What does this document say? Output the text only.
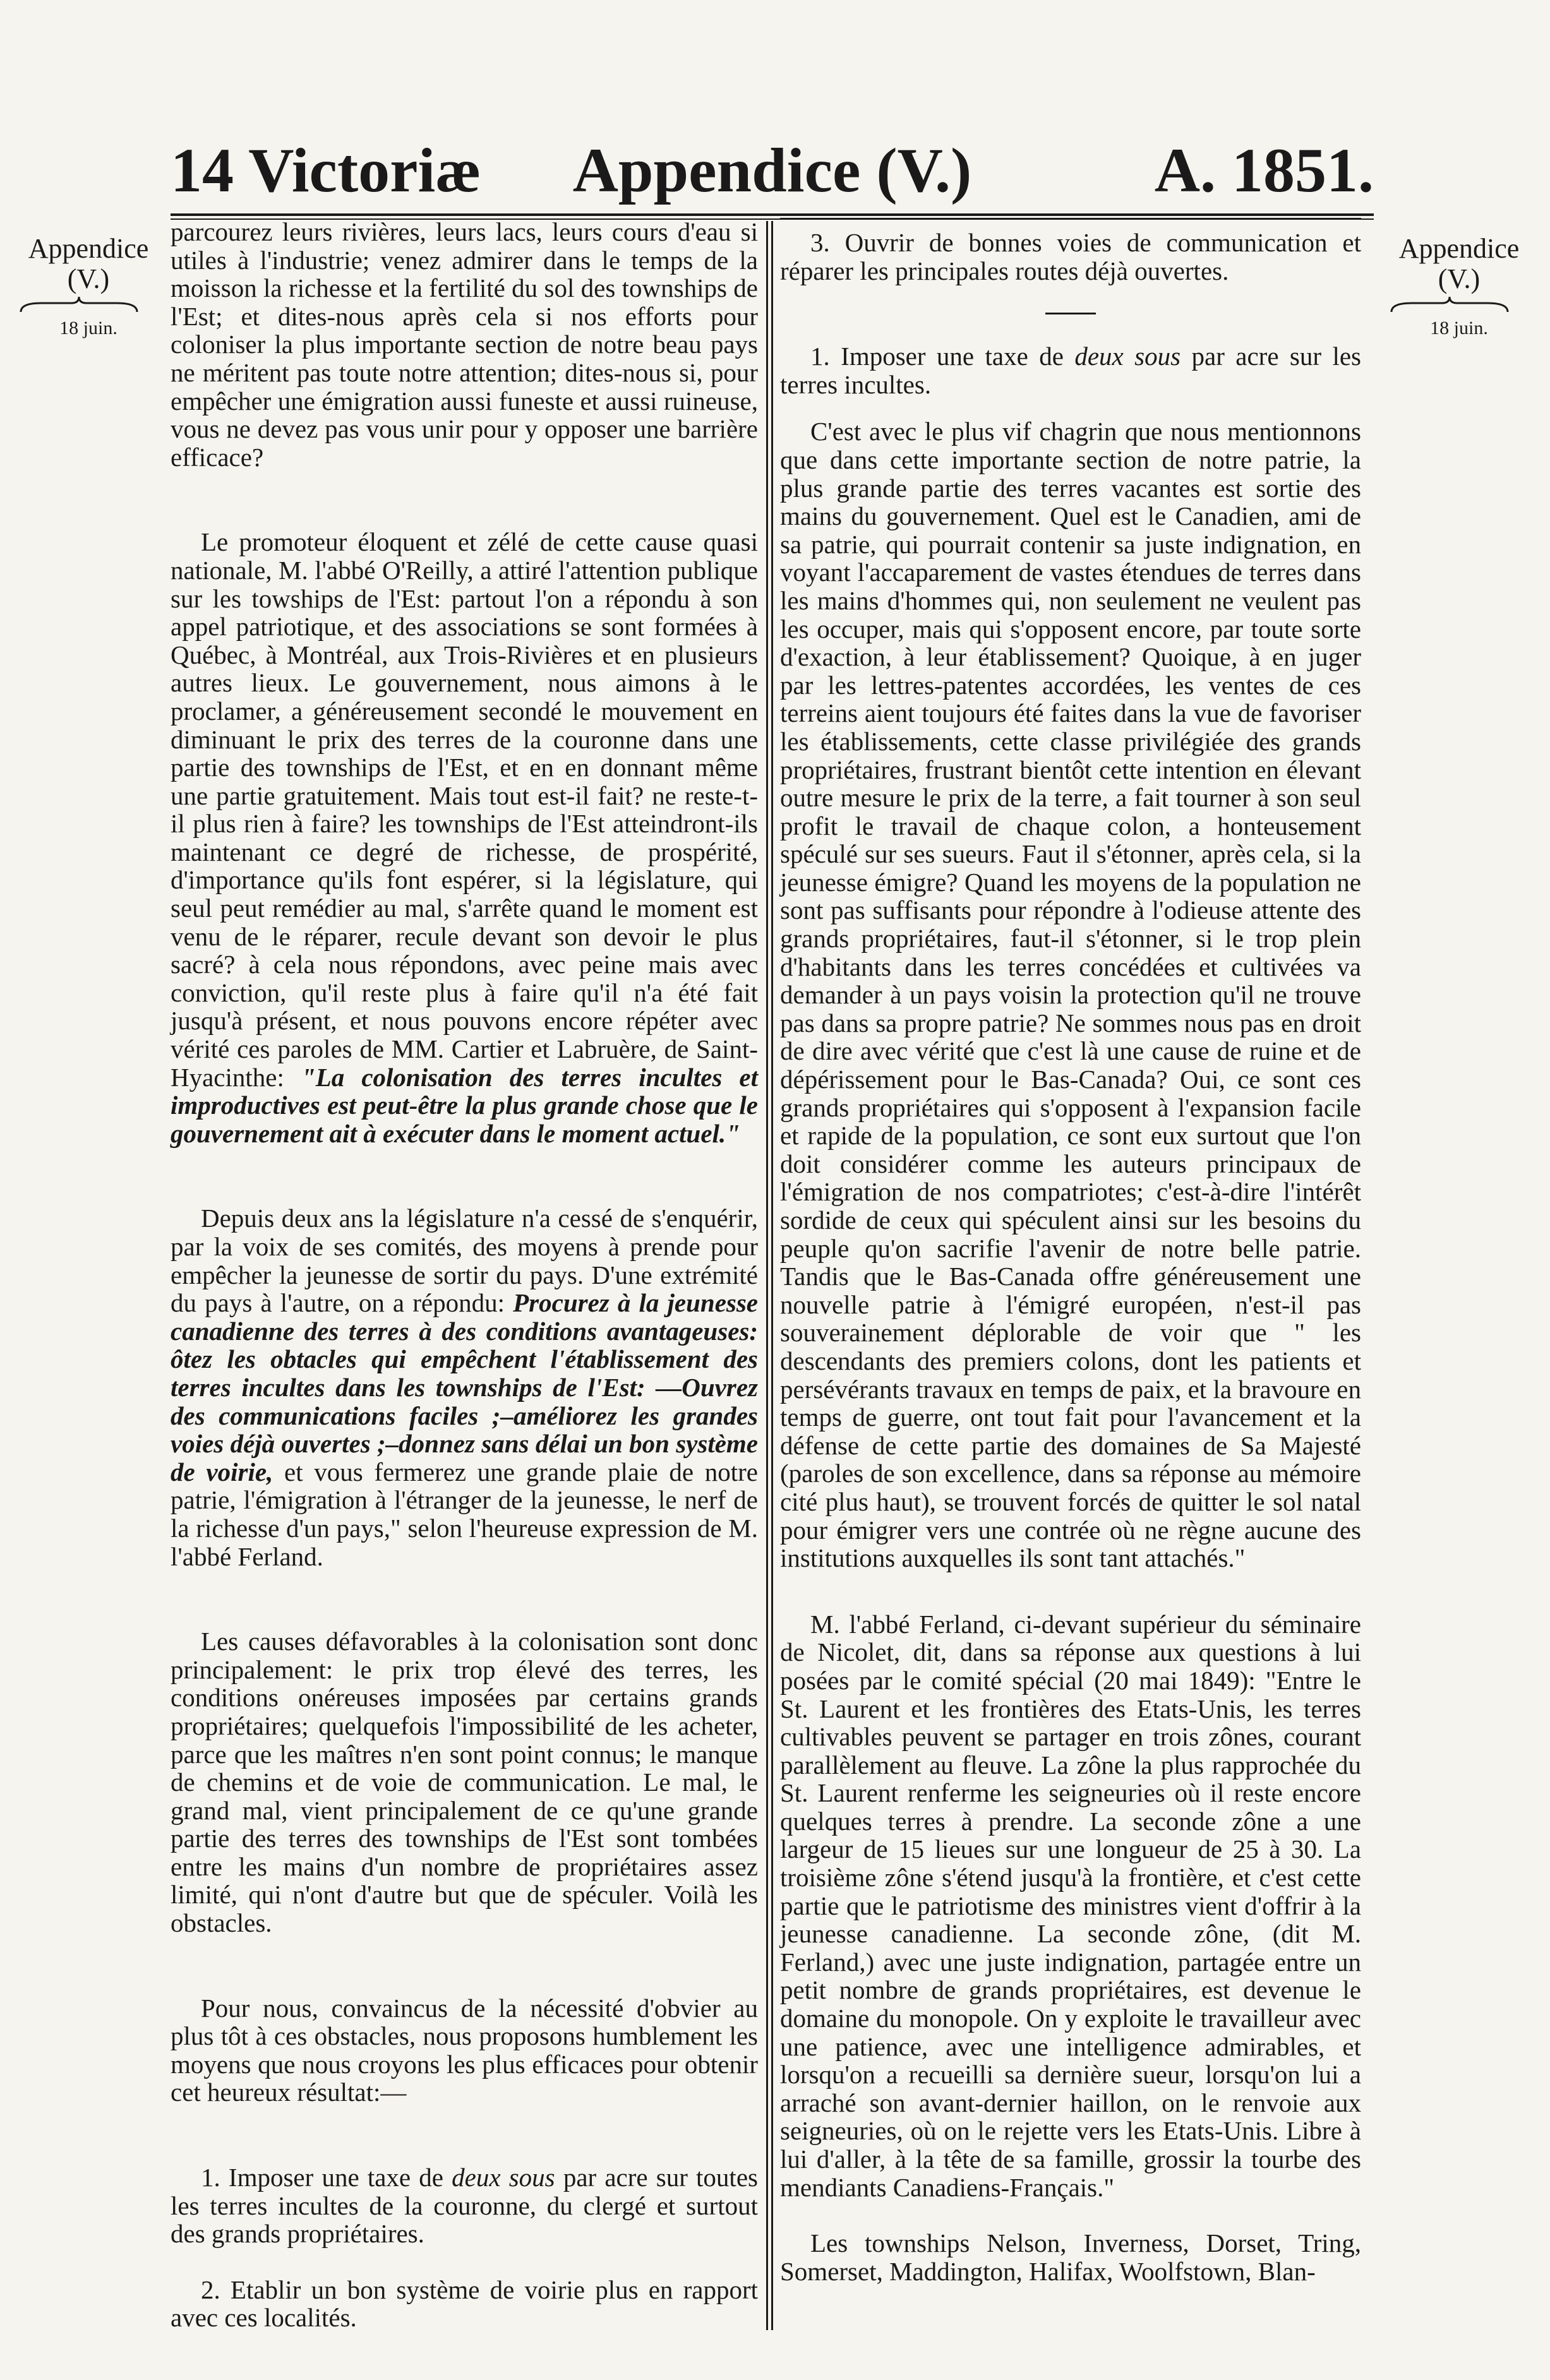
14 Victoriæ	Appendice (V.)	A. 1851.
Appendice
(V.)
18 juin.
Appendice
(V.)
18 juin.

parcourez leurs rivières, leurs lacs, leurs cours d'eau si utiles à l'industrie; venez admirer dans le temps de la moisson la richesse et la fertilité du sol des townships de l'Est; et dites-nous après cela si nos efforts pour coloniser la plus importante section de notre beau pays ne méritent pas toute notre attention; dites-nous si, pour empêcher une émigration aussi funeste et aussi ruineuse, vous ne devez pas vous unir pour y opposer une barrière efficace?

Le promoteur éloquent et zélé de cette cause quasi nationale, M. l'abbé O'Reilly, a attiré l'attention publique sur les towships de l'Est: partout l'on a répondu à son appel patriotique, et des associations se sont formées à Québec, à Montréal, aux Trois-Rivières et en plusieurs autres lieux. Le gouvernement, nous aimons à le proclamer, a généreusement secondé le mouvement en diminuant le prix des terres de la couronne dans une partie des townships de l'Est, et en en donnant même une partie gratuitement. Mais tout est-il fait? ne reste-t-il plus rien à faire? les townships de l'Est atteindront-ils maintenant ce degré de richesse, de prospérité, d'importance qu'ils font espérer, si la législature, qui seul peut remédier au mal, s'arrête quand le moment est venu de le réparer, recule devant son devoir le plus sacré? à cela nous répondons, avec peine mais avec conviction, qu'il reste plus à faire qu'il n'a été fait jusqu'à présent, et nous pouvons encore répéter avec vérité ces paroles de MM. Cartier et Labruère, de Saint-Hyacinthe: "La colonisation des terres incultes et improductives est peut-être la plus grande chose que le gouvernement ait à exécuter dans le moment actuel."

Depuis deux ans la législature n'a cessé de s'enquérir, par la voix de ses comités, des moyens à prende pour empêcher la jeunesse de sortir du pays. D'une extrémité du pays à l'autre, on a répondu: Procurez à la jeunesse canadienne des terres à des conditions avantageuses: ôtez les obtacles qui empêchent l'établissement des terres incultes dans les townships de l'Est: —Ouvrez des communications faciles ;–améliorez les grandes voies déjà ouvertes ;–donnez sans délai un bon système de voirie, et vous fermerez une grande plaie de notre patrie, l'émigration à l'étranger de la jeunesse, le nerf de la richesse d'un pays," selon l'heureuse expression de M. l'abbé Ferland.

Les causes défavorables à la colonisation sont donc principalement: le prix trop élevé des terres, les conditions onéreuses imposées par certains grands propriétaires; quelquefois l'impossibilité de les acheter, parce que les maîtres n'en sont point connus; le manque de chemins et de voie de communication. Le mal, le grand mal, vient principalement de ce qu'une grande partie des terres des townships de l'Est sont tombées entre les mains d'un nombre de propriétaires assez limité, qui n'ont d'autre but que de spéculer. Voilà les obstacles.

Pour nous, convaincus de la nécessité d'obvier au plus tôt à ces obstacles, nous proposons humblement les moyens que nous croyons les plus efficaces pour obtenir cet heureux résultat:—

1. Imposer une taxe de deux sous par acre sur toutes les terres incultes de la couronne, du clergé et surtout des grands propriétaires.

2. Etablir un bon système de voirie plus en rapport avec ces localités.

3. Ouvrir de bonnes voies de communication et réparer les principales routes déjà ouvertes.

1. Imposer une taxe de deux sous par acre sur les terres incultes.

C'est avec le plus vif chagrin que nous mentionnons que dans cette importante section de notre patrie, la plus grande partie des terres vacantes est sortie des mains du gouvernement. Quel est le Canadien, ami de sa patrie, qui pourrait contenir sa juste indignation, en voyant l'accaparement de vastes étendues de terres dans les mains d'hommes qui, non seulement ne veulent pas les occuper, mais qui s'opposent encore, par toute sorte d'exaction, à leur établissement? Quoique, à en juger par les lettres-patentes accordées, les ventes de ces terreins aient toujours été faites dans la vue de favoriser les établissements, cette classe privilégiée des grands propriétaires, frustrant bientôt cette intention en élevant outre mesure le prix de la terre, a fait tourner à son seul profit le travail de chaque colon, a honteusement spéculé sur ses sueurs. Faut il s'étonner, après cela, si la jeunesse émigre? Quand les moyens de la population ne sont pas suffisants pour répondre à l'odieuse attente des grands propriétaires, faut-il s'étonner, si le trop plein d'habitants dans les terres concédées et cultivées va demander à un pays voisin la protection qu'il ne trouve pas dans sa propre patrie? Ne sommes nous pas en droit de dire avec vérité que c'est là une cause de ruine et de dépérissement pour le Bas-Canada? Oui, ce sont ces grands propriétaires qui s'opposent à l'expansion facile et rapide de la population, ce sont eux surtout que l'on doit considérer comme les auteurs principaux de l'émigration de nos compatriotes; c'est-à-dire l'intérêt sordide de ceux qui spéculent ainsi sur les besoins du peuple qu'on sacrifie l'avenir de notre belle patrie. Tandis que le Bas-Canada offre généreusement une nouvelle patrie à l'émigré européen, n'est-il pas souverainement déplorable de voir que " les descendants des premiers colons, dont les patients et persévérants travaux en temps de paix, et la bravoure en temps de guerre, ont tout fait pour l'avancement et la défense de cette partie des domaines de Sa Majesté (paroles de son excellence, dans sa réponse au mémoire cité plus haut), se trouvent forcés de quitter le sol natal pour émigrer vers une contrée où ne règne aucune des institutions auxquelles ils sont tant attachés."

M. l'abbé Ferland, ci-devant supérieur du séminaire de Nicolet, dit, dans sa réponse aux questions à lui posées par le comité spécial (20 mai 1849): "Entre le St. Laurent et les frontières des Etats-Unis, les terres cultivables peuvent se partager en trois zônes, courant parallèlement au fleuve. La zône la plus rapprochée du St. Laurent renferme les seigneuries où il reste encore quelques terres à prendre. La seconde zône a une largeur de 15 lieues sur une longueur de 25 à 30. La troisième zône s'étend jusqu'à la frontière, et c'est cette partie que le patriotisme des ministres vient d'offrir à la jeunesse canadienne. La seconde zône, (dit M. Ferland,) avec une juste indignation, partagée entre un petit nombre de grands propriétaires, est devenue le domaine du monopole. On y exploite le travailleur avec une patience, avec une intelligence admirables, et lorsqu'on a recueilli sa dernière sueur, lorsqu'on lui a arraché son avant-dernier haillon, on le renvoie aux seigneuries, où on le rejette vers les Etats-Unis. Libre à lui d'aller, à la tête de sa famille, grossir la tourbe des mendiants Canadiens-Français."

Les townships Nelson, Inverness, Dorset, Tring, Somerset, Maddington, Halifax, Woolfstown, Blan-
